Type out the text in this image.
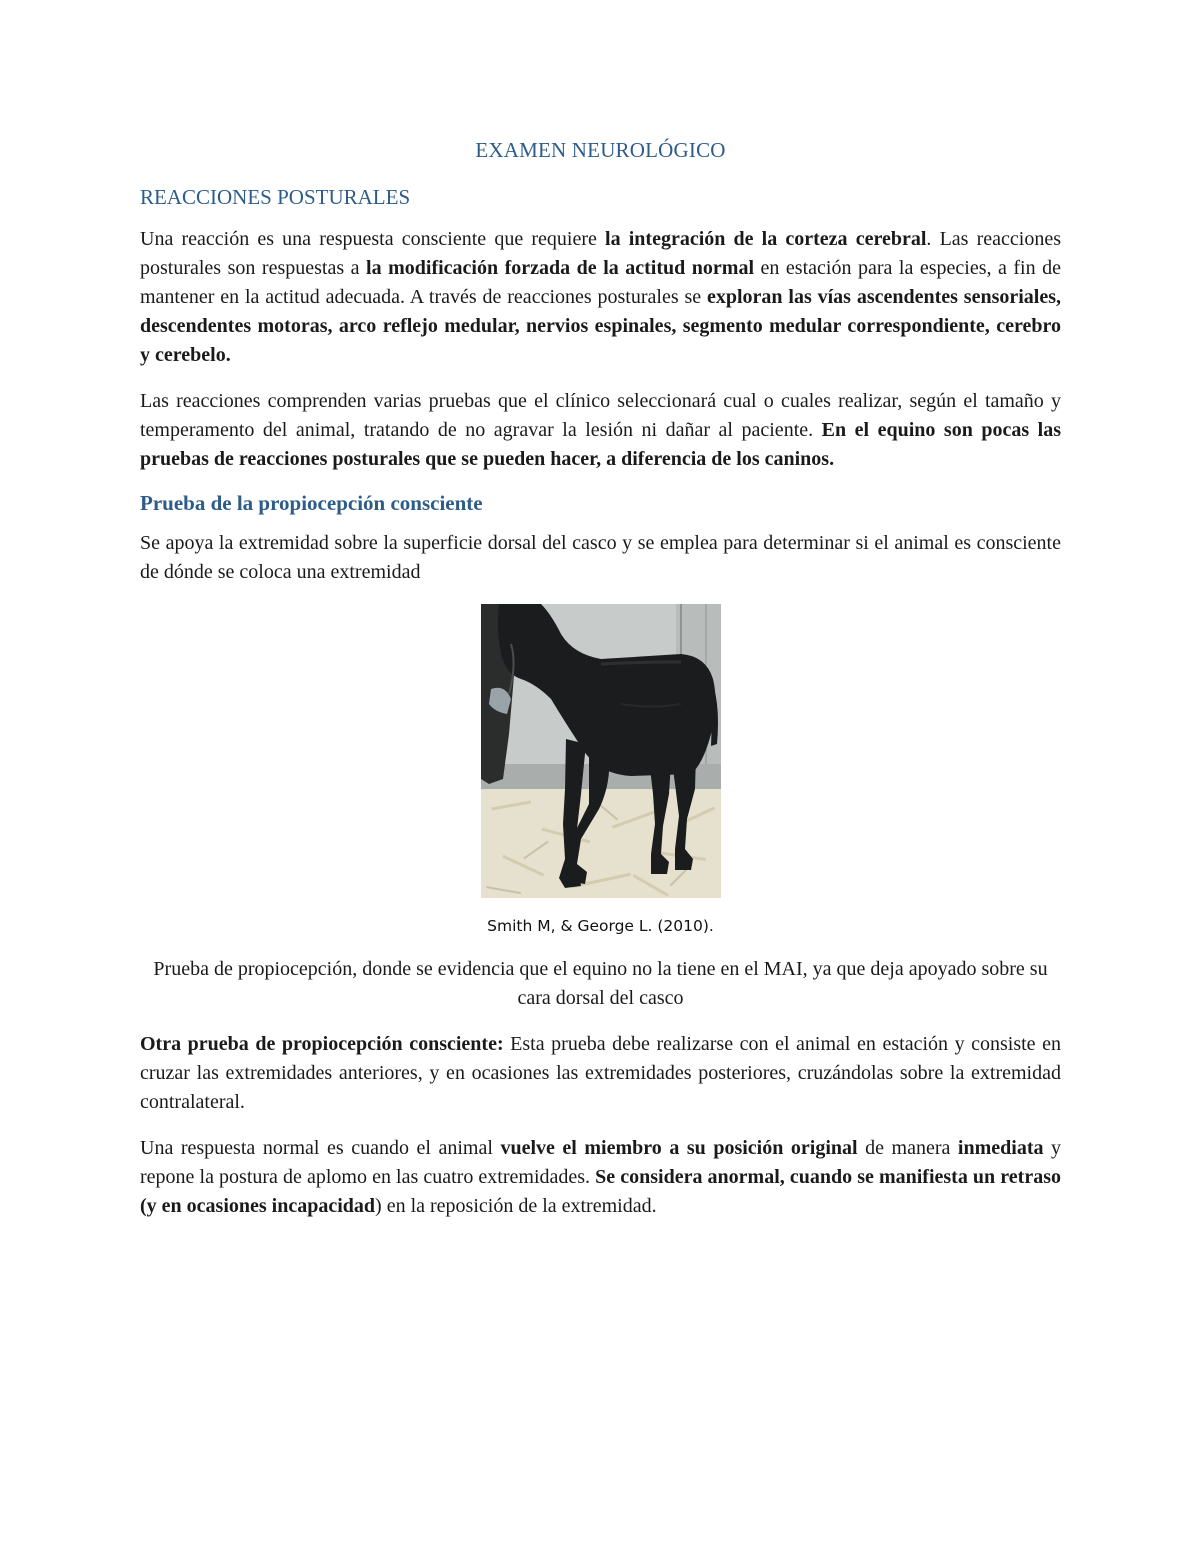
EXAMEN NEUROLÓGICO
REACCIONES POSTURALES

Una reacción es una respuesta consciente que requiere la integración de la corteza cerebral. Las reacciones posturales son respuestas a la modificación forzada de la actitud normal en estación para la especies, a fin de mantener en la actitud adecuada. A través de reacciones posturales se exploran las vías ascendentes sensoriales, descendentes motoras, arco reflejo medular, nervios espinales, segmento medular correspondiente, cerebro y cerebelo.

Las reacciones comprenden varias pruebas que el clínico seleccionará cual o cuales realizar, según el tamaño y temperamento del animal, tratando de no agravar la lesión ni dañar al paciente. En el equino son pocas las pruebas de reacciones posturales que se pueden hacer, a diferencia de los caninos.

Prueba de la propiocepción consciente

Se apoya la extremidad sobre la superficie dorsal del casco y se emplea para determinar si el animal es consciente de dónde se coloca una extremidad

Smith M, & George L. (2010).
Prueba de propiocepción, donde se evidencia que el equino no la tiene en el MAI, ya que deja apoyado sobre su cara dorsal del casco

Otra prueba de propiocepción consciente: Esta prueba debe realizarse con el animal en estación y consiste en cruzar las extremidades anteriores, y en ocasiones las extremidades posteriores, cruzándolas sobre la extremidad contralateral.

Una respuesta normal es cuando el animal vuelve el miembro a su posición original de manera inmediata y repone la postura de aplomo en las cuatro extremidades. Se considera anormal, cuando se manifiesta un retraso (y en ocasiones incapacidad) en la reposición de la extremidad.
